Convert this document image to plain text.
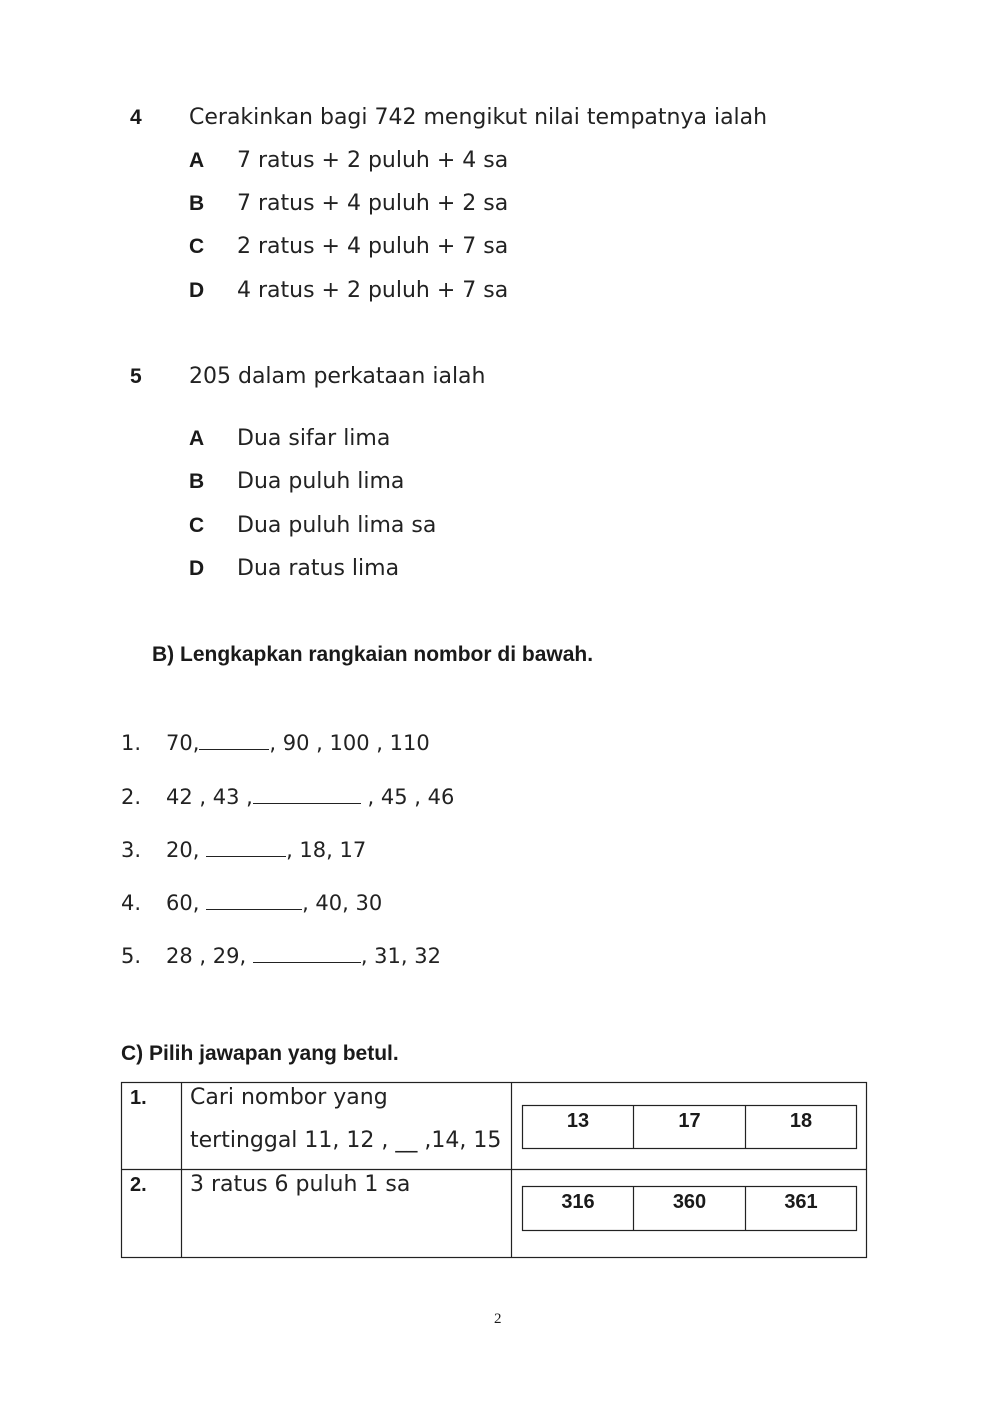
4 Cerakinkan bagi 742 mengikut nilai tempatnya ialah
A 7 ratus + 2 puluh + 4 sa
B 7 ratus + 4 puluh + 2 sa
C 2 ratus + 4 puluh + 7 sa
D 4 ratus + 2 puluh + 7 sa
5 205 dalam perkataan ialah
A Dua sifar lima
B Dua puluh lima
C Dua puluh lima sa
D Dua ratus lima
B) Lengkapkan rangkaian nombor di bawah.
1. 70,	, 90 , 100 , 110
2. 42 , 43 ,	, 45 , 46
3. 20,	, 18, 17
4. 60,	, 40, 30
5. 28 , 29,	, 31, 32
C) Pilih jawapan yang betul.
1. Cari nombor yang
tertinggal 11, 12 , __ ,14, 15
13	17	18
2. 3 ratus 6 puluh 1 sa
316	360	361
2
